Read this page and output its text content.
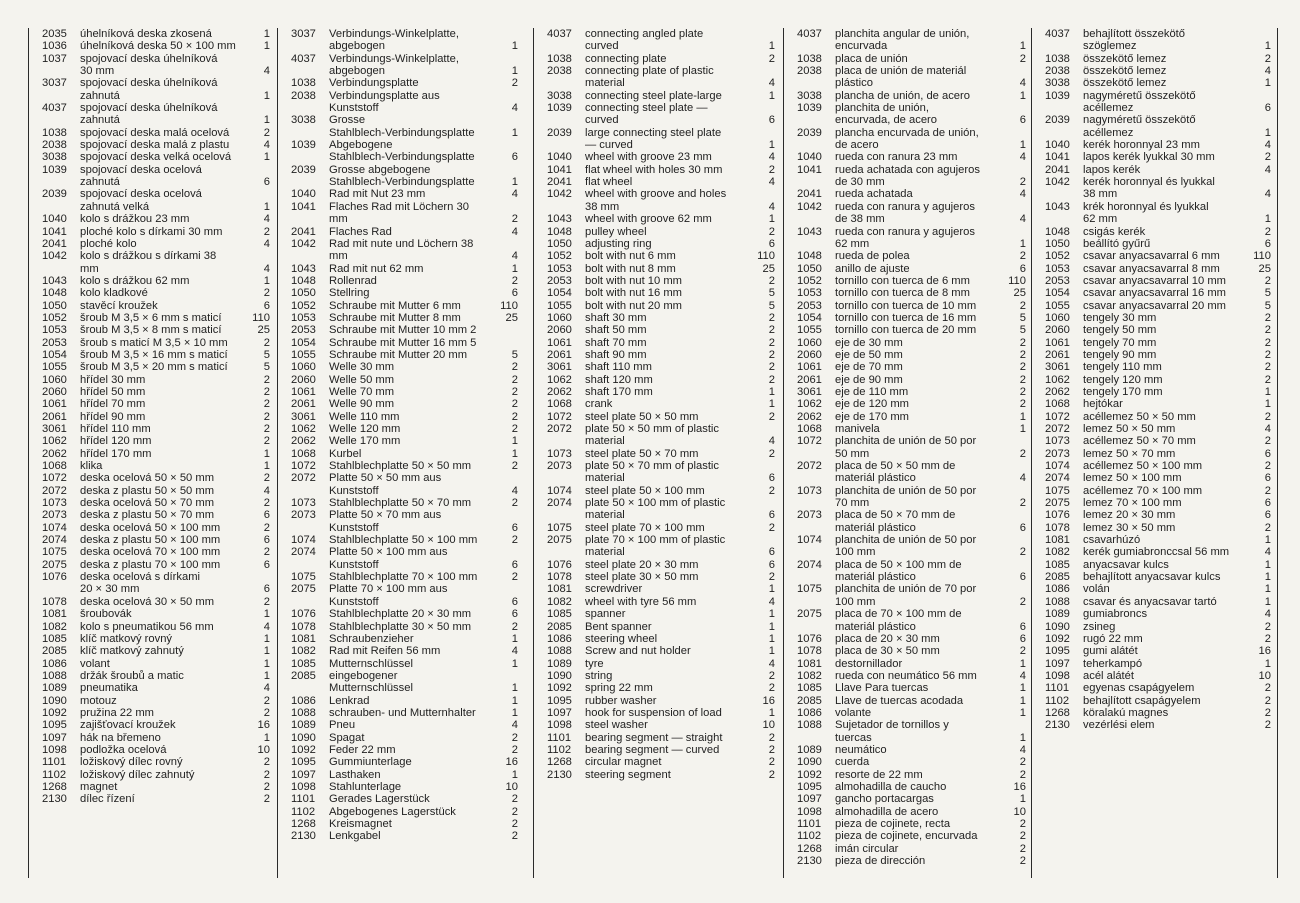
2035	úhelníková deska zkosená	1
1036	úhelníková deska 50 × 100 mm	1
1037	spojovací deska úhelníková
30 mm	4
3037	spojovací deska úhelníková
zahnutá	1
4037	spojovací deska úhelníková
zahnutá	1
1038	spojovací deska malá ocelová	2
2038	spojovací deska malá z plastu	4
3038	spojovací deska velká ocelová	1
1039	spojovací deska ocelová
zahnutá	6
2039	spojovací deska ocelová
zahnutá velká	1
1040	kolo s drážkou 23 mm	4
1041	ploché kolo s dírkami 30 mm	2
2041	ploché kolo	4
1042	kolo s drážkou s dírkami 38
mm	4
1043	kolo s drážkou 62 mm	1
1048	kolo kladkové	2
1050	stavěcí kroužek	6
1052	šroub M 3,5 × 6 mm s maticí	110
1053	šroub M 3,5 × 8 mm s maticí	25
2053	šroub s maticí M 3,5 × 10 mm	2
1054	šroub M 3,5 × 16 mm s maticí	5
1055	šroub M 3,5 × 20 mm s maticí	5
1060	hřídel 30 mm	2
2060	hřídel 50 mm	2
1061	hřídel 70 mm	2
2061	hřídel 90 mm	2
3061	hřídel 110 mm	2
1062	hřídel 120 mm	2
2062	hřídel 170 mm	1
1068	klika	1
1072	deska ocelová 50 × 50 mm	2
2072	deska z plastu 50 × 50 mm	4
1073	deska ocelová 50 × 70 mm	2
2073	deska z plastu 50 × 70 mm	6
1074	deska ocelová 50 × 100 mm	2
2074	deska z plastu 50 × 100 mm	6
1075	deska ocelová 70 × 100 mm	2
2075	deska z plastu 70 × 100 mm	6
1076	deska ocelová s dírkami
20 × 30 mm	6
1078	deska ocelová 30 × 50 mm	2
1081	šroubovák	1
1082	kolo s pneumatikou 56 mm	4
1085	klíč matkový rovný	1
2085	klíč matkový zahnutý	1
1086	volant	1
1088	držák šroubů a matic	1
1089	pneumatika	4
1090	motouz	2
1092	pružina 22 mm	2
1095	zajišťovací kroužek	16
1097	hák na břemeno	1
1098	podložka ocelová	10
1101	ložiskový dílec rovný	2
1102	ložiskový dílec zahnutý	2
1268	magnet	2
2130	dílec řízení	2
3037	Verbindungs-Winkelplatte,
abgebogen	1
4037	Verbindungs-Winkelplatte,
abgebogen	1
1038	Verbindungsplatte	2
2038	Verbindungsplatte aus
Kunststoff	4
3038	Grosse
Stahlblech-Verbindungsplatte	1
1039	Abgebogene
Stahlblech-Verbindungsplatte	6
2039	Grosse abgebogene
Stahlblech-Verbindungsplatte	1
1040	Rad mit Nut 23 mm	4
1041	Flaches Rad mit Löchern 30
mm	2
2041	Flaches Rad	4
1042	Rad mit nute und Löchern 38
mm	4
1043	Rad mit nut 62 mm	1
1048	Rollenrad	2
1050	Stellring	6
1052	Schraube mit Mutter 6 mm	110
1053	Schraube mit Mutter 8 mm	25
2053	Schraube mit Mutter 10 mm 2
1054	Schraube mit Mutter 16 mm 5
1055	Schraube mit Mutter 20 mm	5
1060	Welle 30 mm	2
2060	Welle 50 mm	2
1061	Welle 70 mm	2
2061	Welle 90 mm	2
3061	Welle 110 mm	2
1062	Welle 120 mm	2
2062	Welle 170 mm	1
1068	Kurbel	1
1072	Stahlblechplatte 50 × 50 mm	2
2072	Platte 50 × 50 mm aus
Kunststoff	4
1073	Stahlblechplatte 50 × 70 mm	2
2073	Platte 50 × 70 mm aus
Kunststoff	6
1074	Stahlblechplatte 50 × 100 mm	2
2074	Platte 50 × 100 mm aus
Kunststoff	6
1075	Stahlblechplatte 70 × 100 mm	2
2075	Platte 70 × 100 mm aus
Kunststoff	6
1076	Stahlblechplatte 20 × 30 mm	6
1078	Stahlblechplatte 30 × 50 mm	2
1081	Schraubenzieher	1
1082	Rad mit Reifen 56 mm	4
1085	Mutternschlüssel	1
2085	eingebogener
Mutternschlüssel	1
1086	Lenkrad	1
1088	schrauben- und Mutternhalter	1
1089	Pneu	4
1090	Spagat	2
1092	Feder 22 mm	2
1095	Gummiunterlage	16
1097	Lasthaken	1
1098	Stahlunterlage	10
1101	Gerades Lagerstück	2
1102	Abgebogenes Lagerstück	2
1268	Kreismagnet	2
2130	Lenkgabel	2
4037	connecting angled plate
curved	1
1038	connecting plate	2
2038	connecting plate of plastic
material	4
3038	connecting steel plate-large	1
1039	connecting steel plate —
curved	6
2039	large connecting steel plate
— curved	1
1040	wheel with groove 23 mm	4
1041	flat wheel with holes 30 mm	2
2041	flat wheel	4
1042	wheel with groove and holes
38 mm	4
1043	wheel with groove 62 mm	1
1048	pulley wheel	2
1050	adjusting ring	6
1052	bolt with nut 6 mm	110
1053	bolt with nut 8 mm	25
2053	bolt with nut 10 mm	2
1054	bolt with nut 16 mm	5
1055	bolt with nut 20 mm	5
1060	shaft 30 mm	2
2060	shaft 50 mm	2
1061	shaft 70 mm	2
2061	shaft 90 mm	2
3061	shaft 110 mm	2
1062	shaft 120 mm	2
2062	shaft 170 mm	1
1068	crank	1
1072	steel plate 50 × 50 mm	2
2072	plate 50 × 50 mm of plastic
material	4
1073	steel plate 50 × 70 mm	2
2073	plate 50 × 70 mm of plastic
material	6
1074	steel plate 50 × 100 mm	2
2074	plate 50 × 100 mm of plastic
material	6
1075	steel plate 70 × 100 mm	2
2075	plate 70 × 100 mm of plastic
material	6
1076	steel plate 20 × 30 mm	6
1078	steel plate 30 × 50 mm	2
1081	screwdriver	1
1082	wheel with tyre 56 mm	4
1085	spanner	1
2085	Bent spanner	1
1086	steering wheel	1
1088	Screw and nut holder	1
1089	tyre	4
1090	string	2
1092	spring 22 mm	2
1095	rubber washer	16
1097	hook for suspension of load	1
1098	steel washer	10
1101	bearing segment — straight	2
1102	bearing segment — curved	2
1268	circular magnet	2
2130	steering segment	2
4037	planchita angular de unión,
encurvada	1
1038	placa de unión	2
2038	placa de unión de materiál
plástico	4
3038	plancha de unión, de acero	1
1039	planchita de unión,
encurvada, de acero	6
2039	plancha encurvada de unión,
de acero	1
1040	rueda con ranura 23 mm	4
1041	rueda achatada con agujeros
de 30 mm	2
2041	rueda achatada	4
1042	rueda con ranura y agujeros
de 38 mm	4
1043	rueda con ranura y agujeros
62 mm	1
1048	rueda de polea	2
1050	anillo de ajuste	6
1052	tornillo con tuerca de 6 mm	110
1053	tornillo con tuerca de 8 mm	25
2053	tornillo con tuerca de 10 mm	2
1054	tornillo con tuerca de 16 mm	5
1055	tornillo con tuerca de 20 mm	5
1060	eje de 30 mm	2
2060	eje de 50 mm	2
1061	eje de 70 mm	2
2061	eje de 90 mm	2
3061	eje de 110 mm	2
1062	eje de 120 mm	2
2062	eje de 170 mm	1
1068	manivela	1
1072	planchita de unión de 50 por
50 mm	2
2072	placa de 50 × 50 mm de
materiál plástico	4
1073	planchita de unión de 50 por
70 mm	2
2073	placa de 50 × 70 mm de
materiál plástico	6
1074	planchita de unión de 50 por
100 mm	2
2074	placa de 50 × 100 mm de
materiál plástico	6
1075	planchita de unión de 70 por
100 mm	2
2075	placa de 70 × 100 mm de
materiál plástico	6
1076	placa de 20 × 30 mm	6
1078	placa de 30 × 50 mm	2
1081	destornillador	1
1082	rueda con neumático 56 mm	4
1085	Llave Para tuercas	1
2085	Llave de tuercas acodada	1
1086	volante	1
1088	Sujetador de tornillos y
tuercas	1
1089	neumático	4
1090	cuerda	2
1092	resorte de 22 mm	2
1095	almohadilla de caucho	16
1097	gancho portacargas	1
1098	almohadilla de acero	10
1101	pieza de cojinete, recta	2
1102	pieza de cojinete, encurvada	2
1268	imán circular	2
2130	pieza de dirección	2
4037	behajlított összekötő
szöglemez	1
1038	összekötő lemez	2
2038	összekötő lemez	4
3038	összekötő lemez	1
1039	nagyméretű összekötő
acéllemez	6
2039	nagyméretű összekötő
acéllemez	1
1040	kerék horonnyal 23 mm	4
1041	lapos kerék lyukkal 30 mm	2
2041	lapos kerék	4
1042	kerék horonnyal és lyukkal
38 mm	4
1043	krék horonnyal és lyukkal
62 mm	1
1048	csigás kerék	2
1050	beállító gyűrű	6
1052	csavar anyacsavarral 6 mm	110
1053	csavar anyacsavarral 8 mm	25
2053	csavar anyacsavarral 10 mm	2
1054	csavar anyacsavarral 16 mm	5
1055	csavar anyacsavarral 20 mm	5
1060	tengely 30 mm	2
2060	tengely 50 mm	2
1061	tengely 70 mm	2
2061	tengely 90 mm	2
3061	tengely 110 mm	2
1062	tengely 120 mm	2
2062	tengely 170 mm	1
1068	hejtókar	1
1072	acéllemez 50 × 50 mm	2
2072	lemez 50 × 50 mm	4
1073	acéllemez 50 × 70 mm	2
2073	lemez 50 × 70 mm	6
1074	acéllemez 50 × 100 mm	2
2074	lemez 50 × 100 mm	6
1075	acéllemez 70 × 100 mm	2
2075	lemez 70 × 100 mm	6
1076	lemez 20 × 30 mm	6
1078	lemez 30 × 50 mm	2
1081	csavarhúzó	1
1082	kerék gumiabronccsal 56 mm	4
1085	anyacsavar kulcs	1
2085	behajlított anyacsavar kulcs	1
1086	volán	1
1088	csavar és anyacsavar tartó	1
1089	gumiabroncs	4
1090	zsineg	2
1092	rugó 22 mm	2
1095	gumi alátét	16
1097	teherkampó	1
1098	acél alátét	10
1101	egyenas csapágyelem	2
1102	behajlított csapágyelem	2
1268	köralakú magnes	2
2130	vezérlési elem	2
